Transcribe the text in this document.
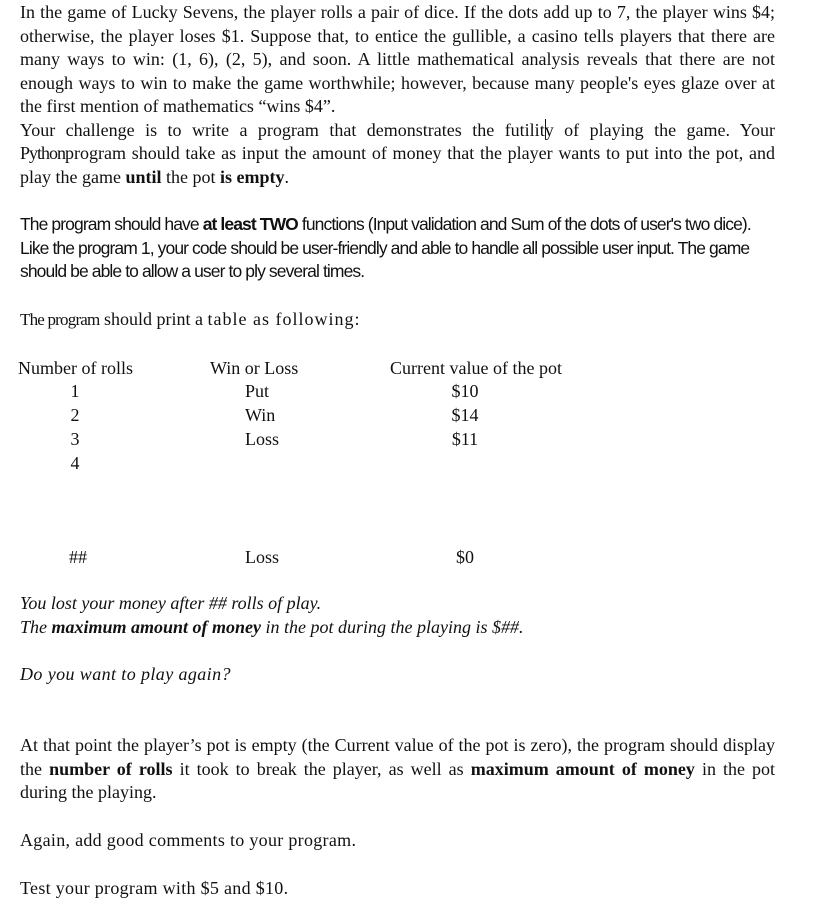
In the game of Lucky Sevens, the player rolls a pair of dice. If the dots add up to 7, the player wins $4; otherwise, the player loses $1. Suppose that, to entice the gullible, a casino tells players that there are many ways to win: (1, 6), (2, 5), and soon. A little mathematical analysis reveals that there are not enough ways to win to make the game worthwhile; however, because many people's eyes glaze over at the first mention of mathematics “wins $4”.
Your challenge is to write a program that demonstrates the futility of playing the game. Your Pythonprogram should take as input the amount of money that the player wants to put into the pot, and play the game until the pot is empty.
The program should have at least TWO functions (Input validation and Sum of the dots of user's two dice). Like the program 1, your code should be user-friendly and able to handle all possible user input. The game should be able to allow a user to ply several times.
The program should print a table as following:
Number of rolls	Win or Loss	Current value of the pot
1	Put	$10
2	Win	$14
3	Loss	$11
4
##	Loss	$0
You lost your money after ## rolls of play.
The maximum amount of money in the pot during the playing is $##.
Do you want to play again?
At that point the player’s pot is empty (the Current value of the pot is zero), the program should display the number of rolls it took to break the player, as well as maximum amount of money in the pot during the playing.
Again, add good comments to your program.
Test your program with $5 and $10.
